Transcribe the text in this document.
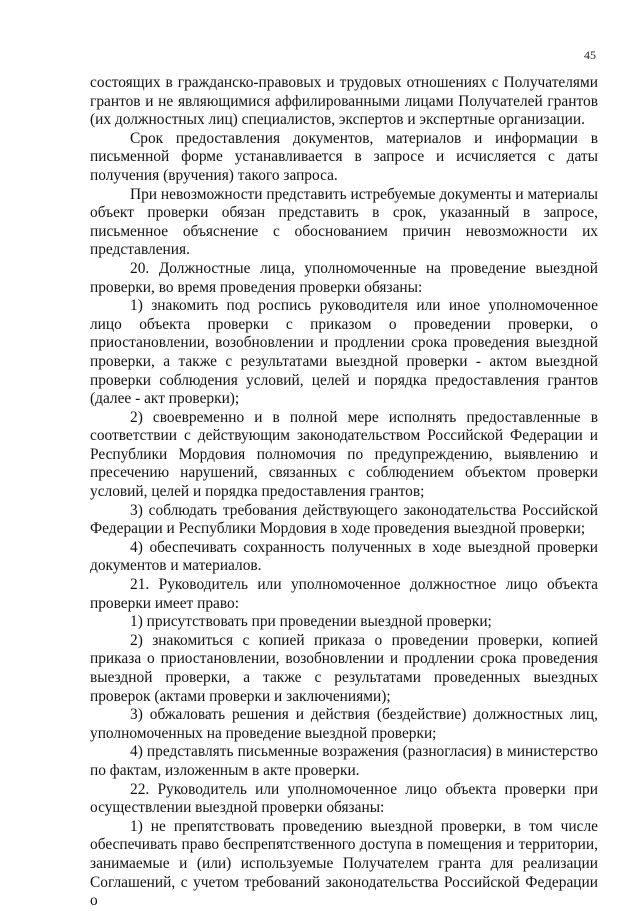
45

состоящих в гражданско-правовых и трудовых отношениях с Получателями грантов и не являющимися аффилированными лицами Получателей грантов (их должностных лиц) специалистов, экспертов и экспертные организации.

Срок предоставления документов, материалов и информации в письменной форме устанавливается в запросе и исчисляется с даты получения (вручения) такого запроса.

При невозможности представить истребуемые документы и материалы объект проверки обязан представить в срок, указанный в запросе, письменное объяснение с обоснованием причин невозможности их представления.

20. Должностные лица, уполномоченные на проведение выездной проверки, во время проведения проверки обязаны:

1) знакомить под роспись руководителя или иное уполномоченное лицо объекта проверки с приказом о проведении проверки, о приостановлении, возобновлении и продлении срока проведения выездной проверки, а также с результатами выездной проверки - актом выездной проверки соблюдения условий, целей и порядка предоставления грантов (далее - акт проверки);

2) своевременно и в полной мере исполнять предоставленные в соответствии с действующим законодательством Российской Федерации и Республики Мордовия полномочия по предупреждению, выявлению и пресечению нарушений, связанных с соблюдением объектом проверки условий, целей и порядка предоставления грантов;

3) соблюдать требования действующего законодательства Российской Федерации и Республики Мордовия в ходе проведения выездной проверки;

4) обеспечивать сохранность полученных в ходе выездной проверки документов и материалов.

21. Руководитель или уполномоченное должностное лицо объекта проверки имеет право:

1) присутствовать при проведении выездной проверки;

2) знакомиться с копией приказа о проведении проверки, копией приказа о приостановлении, возобновлении и продлении срока проведения выездной проверки, а также с результатами проведенных выездных проверок (актами проверки и заключениями);

3) обжаловать решения и действия (бездействие) должностных лиц, уполномоченных на проведение выездной проверки;

4) представлять письменные возражения (разногласия) в министерство по фактам, изложенным в акте проверки.

22. Руководитель или уполномоченное лицо объекта проверки при осуществлении выездной проверки обязаны:

1) не препятствовать проведению выездной проверки, в том числе обеспечивать право беспрепятственного доступа в помещения и территории, занимаемые и (или) используемые Получателем гранта для реализации Соглашений, с учетом требований законодательства Российской Федерации о
